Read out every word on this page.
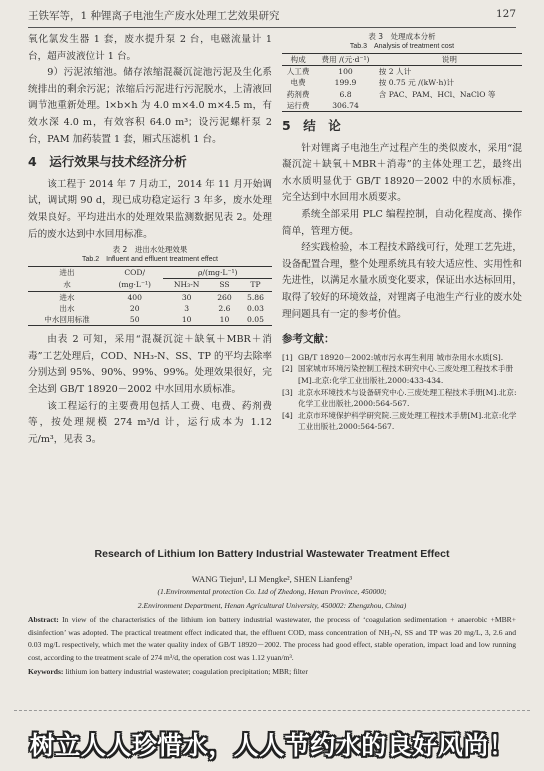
王铁军等，1 种锂离子电池生产废水处理工艺效果研究	127

氧化氯发生器 1 套，废水提升泵 2 台，电磁流量计 1 台，超声波液位计 1 台。

9）污泥浓缩池。储存浓缩混凝沉淀池污泥及生化系统排出的剩余污泥；浓缩后污泥进行污泥脱水，上清液回调节池重新处理。l×b×h 为 4.0 m×4.0 m×4.5 m，有效水深 4.0 m，有效容积 64.0 m³；设污泥螺杆泵 2 台，PAM 加药装置 1 套，厢式压滤机 1 台。

4　运行效果与技术经济分析

该工程于 2014 年 7 月动工，2014 年 11 月开始调试，调试期 90 d，现已成功稳定运行 3 年多，废水处理效果良好。平均进出水的处理效果监测数据见表 2。处理后的废水达到中水回用标准。

表 2　进出水处理效果
Tab.2　Influent and effluent treatment effect
进出	COD/	ρ/(mg·L⁻¹)		
水	(mg·L⁻¹)	NH₃-N	SS	TP
进水	400	30	260	5.86
出水	20	3	2.6	0.03
中水回用标准	50	10	10	0.05

由表 2 可知，采用“混凝沉淀＋缺氧＋MBR＋消毒”工艺处理后，COD、NH₃-N、SS、TP 的平均去除率分别达到 95%、90%、99%、99%。处理效果很好，完全达到 GB/T 18920－2002 中水回用水质标准。

该工程运行的主要费用包括人工费、电费、药剂费等，按处理规模 274 m³/d 计，运行成本为 1.12 元/m³，见表 3。

表 3　处理成本分析
Tab.3　Analysis of treatment cost
构成	费用 /(元·d⁻¹)	说明
人工费	100	按 2 人计
电费	199.9	按 0.75 元 /(kW·h)计
药剂费	6.8	含 PAC、PAM、HCl、NaClO 等
运行费	306.74	
5　结　论

针对锂离子电池生产过程产生的类似废水，采用“混凝沉淀＋缺氧＋MBR＋消毒”的主体处理工艺，最终出水水质明显优于 GB/T 18920－2002 中的水质标准，完全达到中水回用水质要求。

系统全部采用 PLC 编程控制，自动化程度高、操作简单，管理方便。

经实践检验，本工程技术路线可行，处理工艺先进，设备配置合理，整个处理系统具有较大适应性、实用性和先进性，以满足水量水质变化要求，保证出水达标回用，取得了较好的环境效益，对锂离子电池生产行业的废水处理问题具有一定的参考价值。

参考文献：
[1] GB/T 18920－2002:城市污水再生利用 城市杂用水水质[S].
[2] 国家城市环境污染控制工程技术研究中心.三废处理工程技术手册[M].北京:化学工业出版社,2000:433-434.
[3] 北京水环境技术与设备研究中心.三废处理工程技术手册[M].北京:化学工业出版社,2000:564-567.
[4] 北京市环境保护科学研究院.三废处理工程技术手册[M].北京:化学工业出版社,2000:564-567.
Research of Lithium Ion Battery Industrial Wastewater Treatment Effect
WANG Tiejun¹, LI Mengke², SHEN Lianfeng³
(1.Environmental protection Co. Ltd of Zhedong, Henan Province, 450000;
2.Environment Department, Henan Agricultural University, 450002: Zhengzhou, China)
Abstract: In view of the characteristics of the lithium ion battery industrial wastewater, the process of ‘coagulation sedimentation + anaerobic +MBR+ disinfection’ was adopted. The practical treatment effect indicated that, the effluent COD, mass concentration of NH₃-N, SS and TP was 20 mg/L, 3, 2.6 and 0.03 mg/L respectively, which met the water quality index of GB/T 18920－2002. The process had good effect, stable operation, impact load and low running cost, according to the treatment scale of 274 m³/d, the operation cost was 1.12 yuan/m³.
Keywords: lithium ion battery industrial wastewater; coagulation precipitation; MBR; filter
树立人人珍惜水，人人节约水的良好风尚！
